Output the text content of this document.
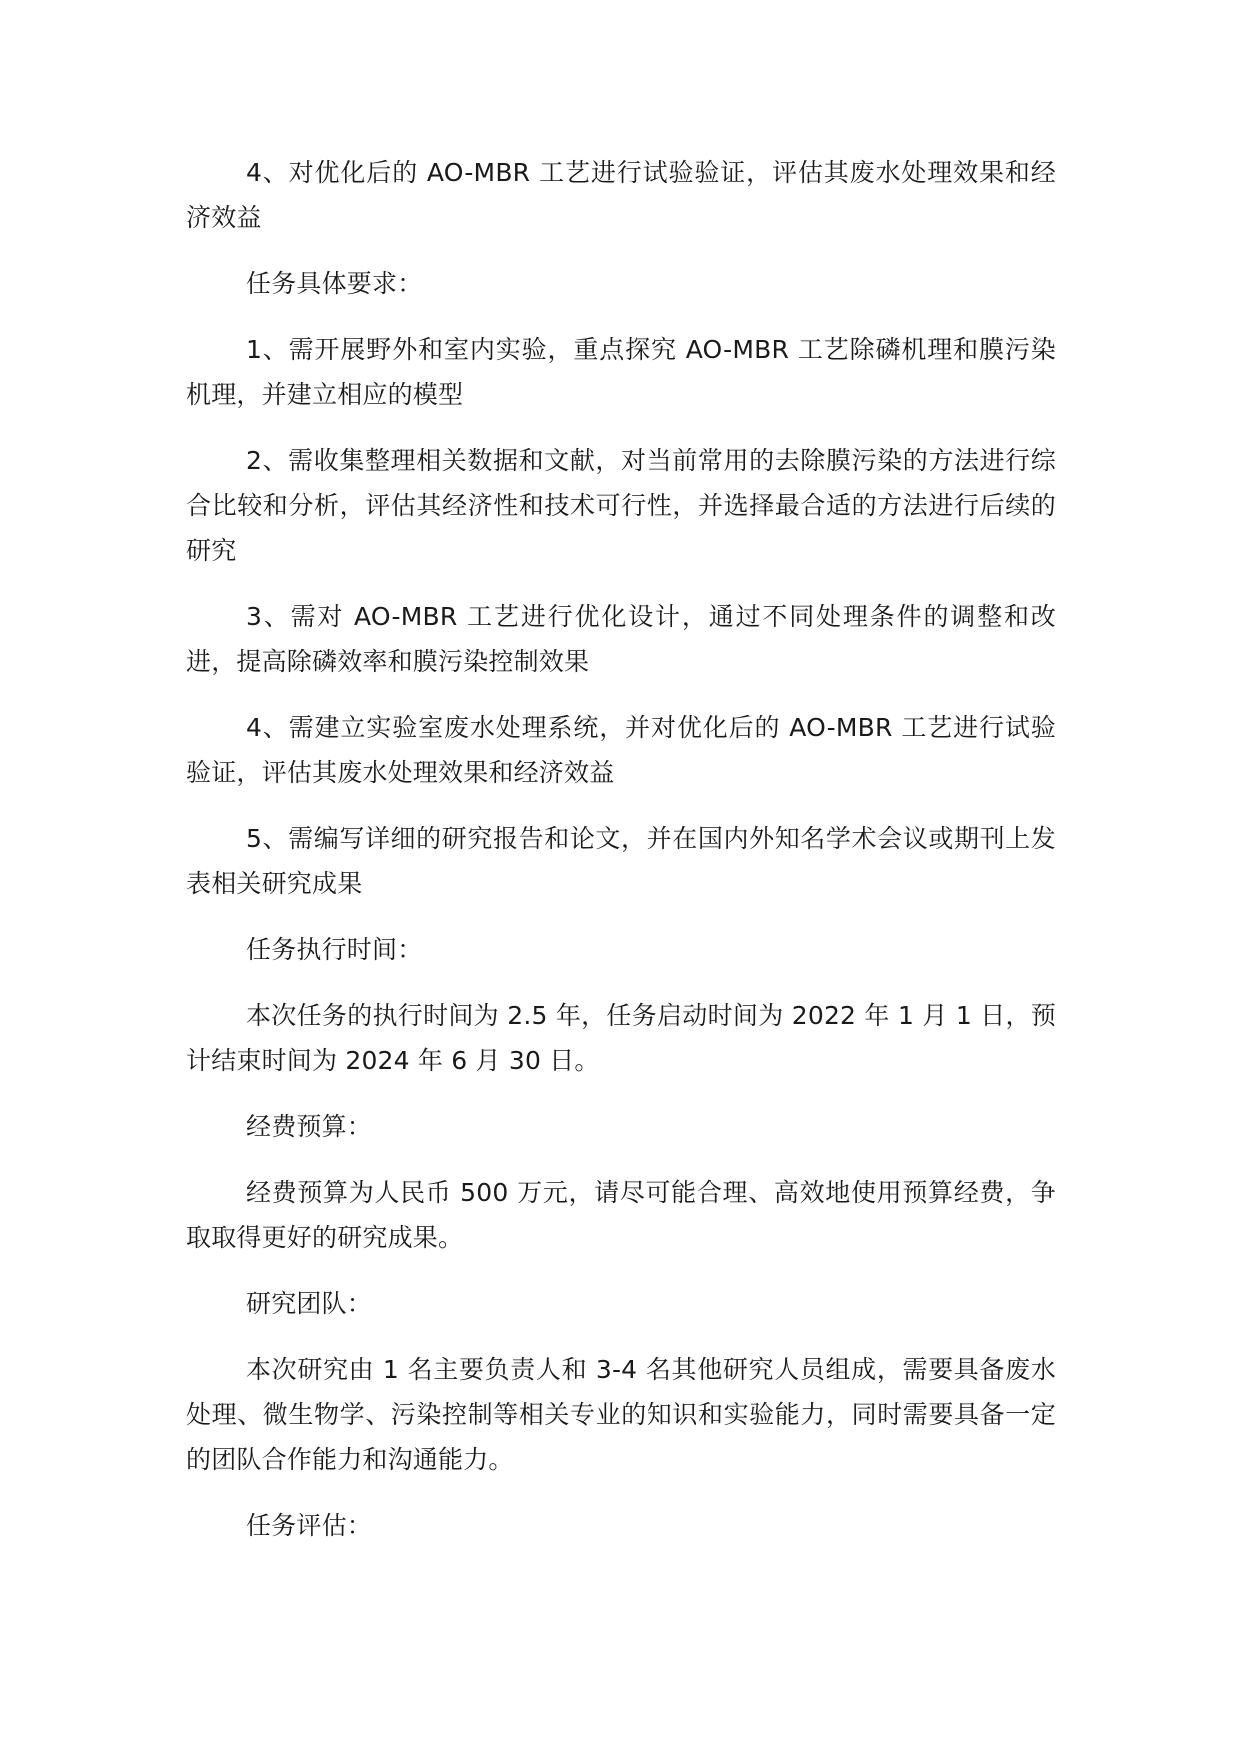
4、对优化后的 AO-MBR 工艺进行试验验证，评估其废水处理效果和经济效益

任务具体要求：

1、需开展野外和室内实验，重点探究 AO-MBR 工艺除磷机理和膜污染机理，并建立相应的模型

2、需收集整理相关数据和文献，对当前常用的去除膜污染的方法进行综合比较和分析，评估其经济性和技术可行性，并选择最合适的方法进行后续的研究

3、需对 AO-MBR 工艺进行优化设计，通过不同处理条件的调整和改进，提高除磷效率和膜污染控制效果

4、需建立实验室废水处理系统，并对优化后的 AO-MBR 工艺进行试验验证，评估其废水处理效果和经济效益

5、需编写详细的研究报告和论文，并在国内外知名学术会议或期刊上发表相关研究成果

任务执行时间：

本次任务的执行时间为 2.5 年，任务启动时间为 2022 年 1 月 1 日，预计结束时间为 2024 年 6 月 30 日。

经费预算：

经费预算为人民币 500 万元，请尽可能合理、高效地使用预算经费，争取取得更好的研究成果。

研究团队：

本次研究由 1 名主要负责人和 3-4 名其他研究人员组成，需要具备废水处理、微生物学、污染控制等相关专业的知识和实验能力，同时需要具备一定的团队合作能力和沟通能力。

任务评估：
